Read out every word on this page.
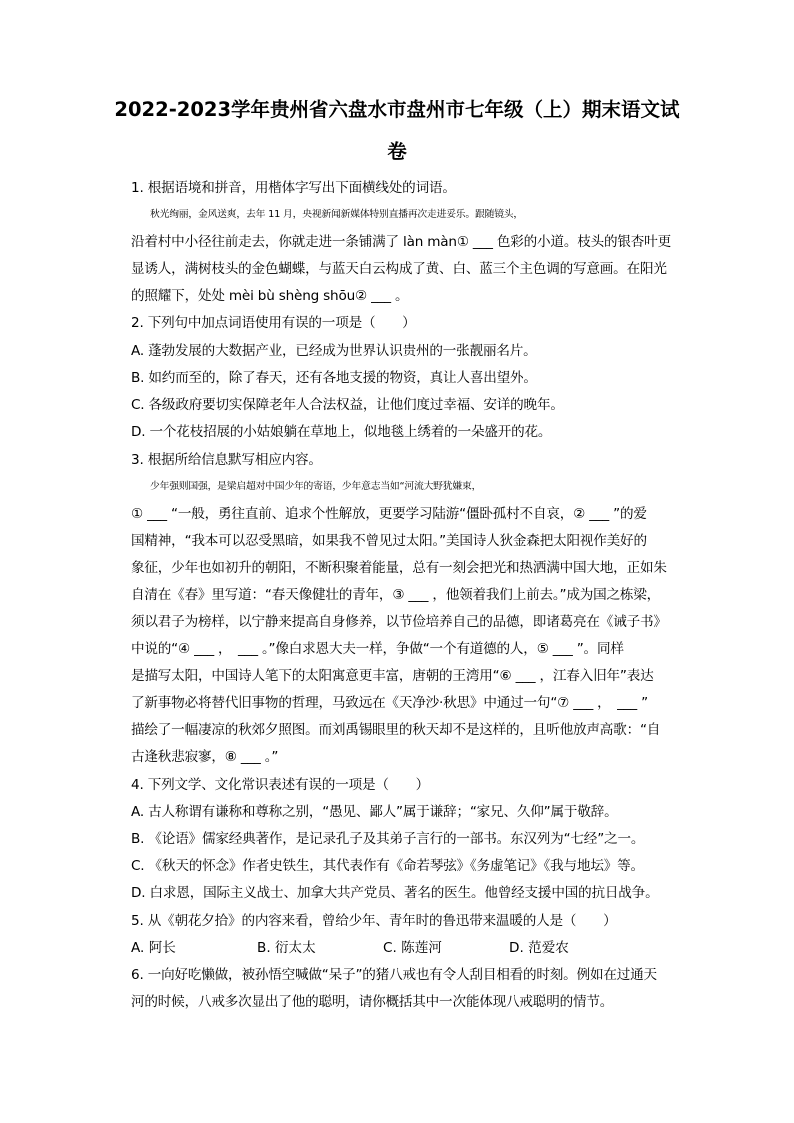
2022-2023学年贵州省六盘水市盘州市七年级（上）期末语文试
卷
1. 根据语境和拼音，用楷体字写出下面横线处的词语。
秋光绚丽，金风送爽，去年 11 月，央视新闻新媒体特别直播再次走进妥乐。跟随镜头，
沿着村中小径往前走去，你就走进一条铺满了 làn màn① ___ 色彩的小道。枝头的银杏叶更
显诱人，满树枝头的金色蝴蝶，与蓝天白云构成了黄、白、蓝三个主色调的写意画。在阳光
的照耀下，处处 mèi bù shèng shōu② ___ 。
2. 下列句中加点词语使用有误的一项是（　　）
A. 蓬勃发展的大数据产业，已经成为世界认识贵州的一张靓丽名片。
B. 如约而至的，除了春天，还有各地支援的物资，真让人喜出望外。
C. 各级政府要切实保障老年人合法权益，让他们度过幸福、安详的晚年。
D. 一个花枝招展的小姑娘躺在草地上，似地毯上绣着的一朵盛开的花。
3. 根据所给信息默写相应内容。
少年强则国强，是梁启超对中国少年的寄语，少年意志当如“河流大野犹嫌束，
① ___ “一般，勇往直前、追求个性解放，更要学习陆游“僵卧孤村不自哀，② ___ ”的爱
国精神，“我本可以忍受黑暗，如果我不曾见过太阳。”美国诗人狄金森把太阳视作美好的
象征，少年也如初升的朝阳，不断积聚着能量，总有一刻会把光和热洒满中国大地，正如朱
自清在《春》里写道：“春天像健壮的青年，③ ___ ，他领着我们上前去。”成为国之栋梁，
须以君子为榜样，以宁静来提高自身修养，以节俭培养自己的品德，即诸葛亮在《诫子书》
中说的“④ ___ ，　___ 。”像白求恩大夫一样，争做“一个有道德的人，⑤ ___ ”。同样
是描写太阳，中国诗人笔下的太阳寓意更丰富，唐朝的王湾用“⑥ ___ ，江春入旧年”表达
了新事物必将替代旧事物的哲理，马致远在《天净沙·秋思》中通过一句“⑦ ___ ，　___ ”
描绘了一幅凄凉的秋郊夕照图。而刘禹锡眼里的秋天却不是这样的，且听他放声高歌：“自
古逢秋悲寂寥，⑧ ___ 。”
4. 下列文学、文化常识表述有误的一项是（　　）
A. 古人称谓有谦称和尊称之别，“愚见、鄙人”属于谦辞；“家兄、久仰”属于敬辞。
B. 《论语》儒家经典著作，是记录孔子及其弟子言行的一部书。东汉列为“七经”之一。
C. 《秋天的怀念》作者史铁生，其代表作有《命若琴弦》《务虚笔记》《我与地坛》等。
D. 白求恩，国际主义战士、加拿大共产党员、著名的医生。他曾经支援中国的抗日战争。
5. 从《朝花夕拾》的内容来看，曾给少年、青年时的鲁迅带来温暖的人是（　　）
A. 阿长	B. 衍太太	C. 陈莲河	D. 范爱农
6. 一向好吃懒做，被孙悟空喊做“呆子”的猪八戒也有令人刮目相看的时刻。例如在过通天
河的时候，八戒多次显出了他的聪明，请你概括其中一次能体现八戒聪明的情节。
